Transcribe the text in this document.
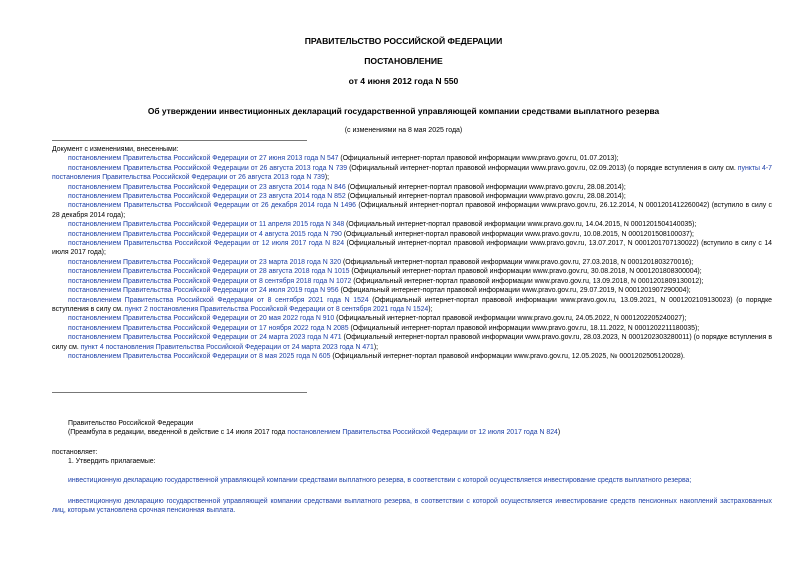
ПРАВИТЕЛЬСТВО РОССИЙСКОЙ ФЕДЕРАЦИИ
ПОСТАНОВЛЕНИЕ
от 4 июня 2012 года N 550
Об утверждении инвестиционных деклараций государственной управляющей компании средствами выплатного резерва
(с изменениями на 8 мая 2025 года)

Документ с изменениями, внесенными:

постановлением Правительства Российской Федерации от 27 июня 2013 года N 547 (Официальный интернет-портал правовой информации www.pravo.gov.ru, 01.07.2013);

постановлением Правительства Российской Федерации от 26 августа 2013 года N 739 (Официальный интернет-портал правовой информации www.pravo.gov.ru, 02.09.2013) (о порядке вступления в силу см. пункты 4-7 постановления Правительства Российской Федерации от 26 августа 2013 года N 739);

постановлением Правительства Российской Федерации от 23 августа 2014 года N 846 (Официальный интернет-портал правовой информации www.pravo.gov.ru, 28.08.2014);

постановлением Правительства Российской Федерации от 23 августа 2014 года N 852 (Официальный интернет-портал правовой информации www.pravo.gov.ru, 28.08.2014);

постановлением Правительства Российской Федерации от 26 декабря 2014 года N 1496 (Официальный интернет-портал правовой информации www.pravo.gov.ru, 26.12.2014, N 0001201412260042) (вступило в силу с 28 декабря 2014 года);

постановлением Правительства Российской Федерации от 11 апреля 2015 года N 348 (Официальный интернет-портал правовой информации www.pravo.gov.ru, 14.04.2015, N 0001201504140035);

постановлением Правительства Российской Федерации от 4 августа 2015 года N 790 (Официальный интернет-портал правовой информации www.pravo.gov.ru, 10.08.2015, N 0001201508100037);

постановлением Правительства Российской Федерации от 12 июля 2017 года N 824 (Официальный интернет-портал правовой информации www.pravo.gov.ru, 13.07.2017, N 0001201707130022) (вступило в силу с 14 июля 2017 года);

постановлением Правительства Российской Федерации от 23 марта 2018 года N 320 (Официальный интернет-портал правовой информации www.pravo.gov.ru, 27.03.2018, N 0001201803270016);

постановлением Правительства Российской Федерации от 28 августа 2018 года N 1015 (Официальный интернет-портал правовой информации www.pravo.gov.ru, 30.08.2018, N 0001201808300004);

постановлением Правительства Российской Федерации от 8 сентября 2018 года N 1072 (Официальный интернет-портал правовой информации www.pravo.gov.ru, 13.09.2018, N 0001201809130012);

постановлением Правительства Российской Федерации от 24 июля 2019 года N 956 (Официальный интернет-портал правовой информации www.pravo.gov.ru, 29.07.2019, N 0001201907290004);

постановлением Правительства Российской Федерации от 8 сентября 2021 года N 1524 (Официальный интернет-портал правовой информации www.pravo.gov.ru, 13.09.2021, N 0001202109130023) (о порядке вступления в силу см. пункт 2 постановления Правительства Российской Федерации от 8 сентября 2021 года N 1524);

постановлением Правительства Российской Федерации от 20 мая 2022 года N 910 (Официальный интернет-портал правовой информации www.pravo.gov.ru, 24.05.2022, N 0001202205240027);

постановлением Правительства Российской Федерации от 17 ноября 2022 года N 2085 (Официальный интернет-портал правовой информации www.pravo.gov.ru, 18.11.2022, N 0001202211180035);

постановлением Правительства Российской Федерации от 24 марта 2023 года N 471 (Официальный интернет-портал правовой информации www.pravo.gov.ru, 28.03.2023, N 0001202303280011) (о порядке вступления в силу см. пункт 4 постановления Правительства Российской Федерации от 24 марта 2023 года N 471);

постановлением Правительства Российской Федерации от 8 мая 2025 года N 605 (Официальный интернет-портал правовой информации www.pravo.gov.ru, 12.05.2025, № 0001202505120028).

Правительство Российской Федерации

(Преамбула в редакции, введенной в действие с 14 июля 2017 года постановлением Правительства Российской Федерации от 12 июля 2017 года N 824)

постановляет:

1. Утвердить прилагаемые:

инвестиционную декларацию государственной управляющей компании средствами выплатного резерва, в соответствии с которой осуществляется инвестирование средств выплатного резерва;

инвестиционную декларацию государственной управляющей компании средствами выплатного резерва, в соответствии с которой осуществляется инвестирование средств пенсионных накоплений застрахованных лиц, которым установлена срочная пенсионная выплата.
